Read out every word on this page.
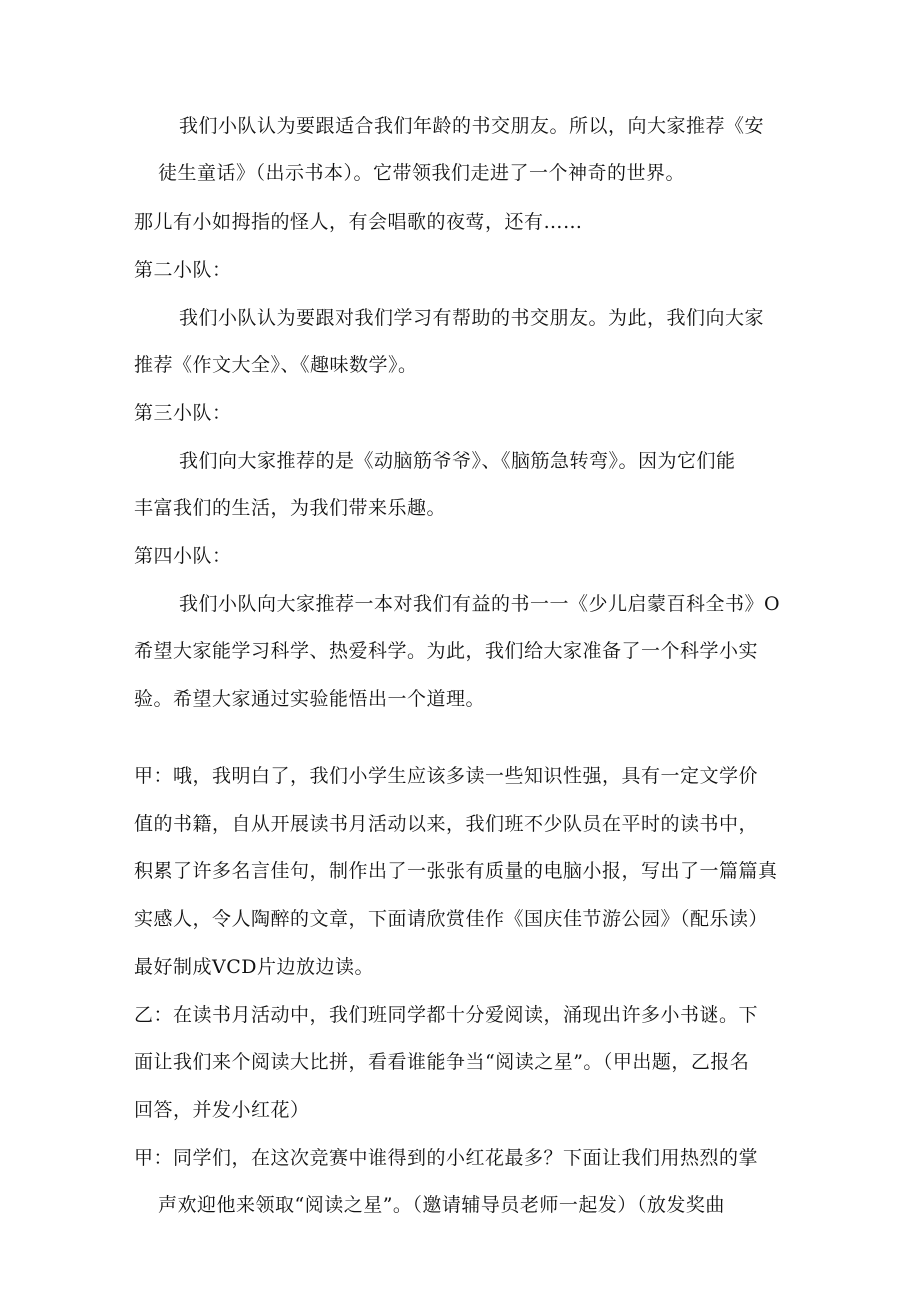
我们小队认为要跟适合我们年龄的书交朋友。所以，向大家推荐《安
徒生童话》（出示书本）。它带领我们走进了一个神奇的世界。
那儿有小如拇指的怪人，有会唱歌的夜莺，还有……
第二小队：
我们小队认为要跟对我们学习有帮助的书交朋友。为此，我们向大家
推荐《作文大全》、《趣味数学》。
第三小队：
我们向大家推荐的是《动脑筋爷爷》、《脑筋急转弯》。因为它们能
丰富我们的生活，为我们带来乐趣。
第四小队：
我们小队向大家推荐一本对我们有益的书一一《少儿启蒙百科全书》O
希望大家能学习科学、热爱科学。为此，我们给大家准备了一个科学小实
验。希望大家通过实验能悟出一个道理。
甲：哦，我明白了，我们小学生应该多读一些知识性强，具有一定文学价
值的书籍，自从开展读书月活动以来，我们班不少队员在平时的读书中，
积累了许多名言佳句，制作出了一张张有质量的电脑小报，写出了一篇篇真
实感人，令人陶醉的文章，下面请欣赏佳作《国庆佳节游公园》（配乐读）
最好制成VCD片边放边读。
乙：在读书月活动中，我们班同学都十分爱阅读，涌现出许多小书谜。下
面让我们来个阅读大比拼，看看谁能争当“阅读之星”。（甲出题，乙报名
回答，并发小红花）
甲：同学们，在这次竞赛中谁得到的小红花最多？下面让我们用热烈的掌
声欢迎他来领取“阅读之星”。（邀请辅导员老师一起发）（放发奖曲
